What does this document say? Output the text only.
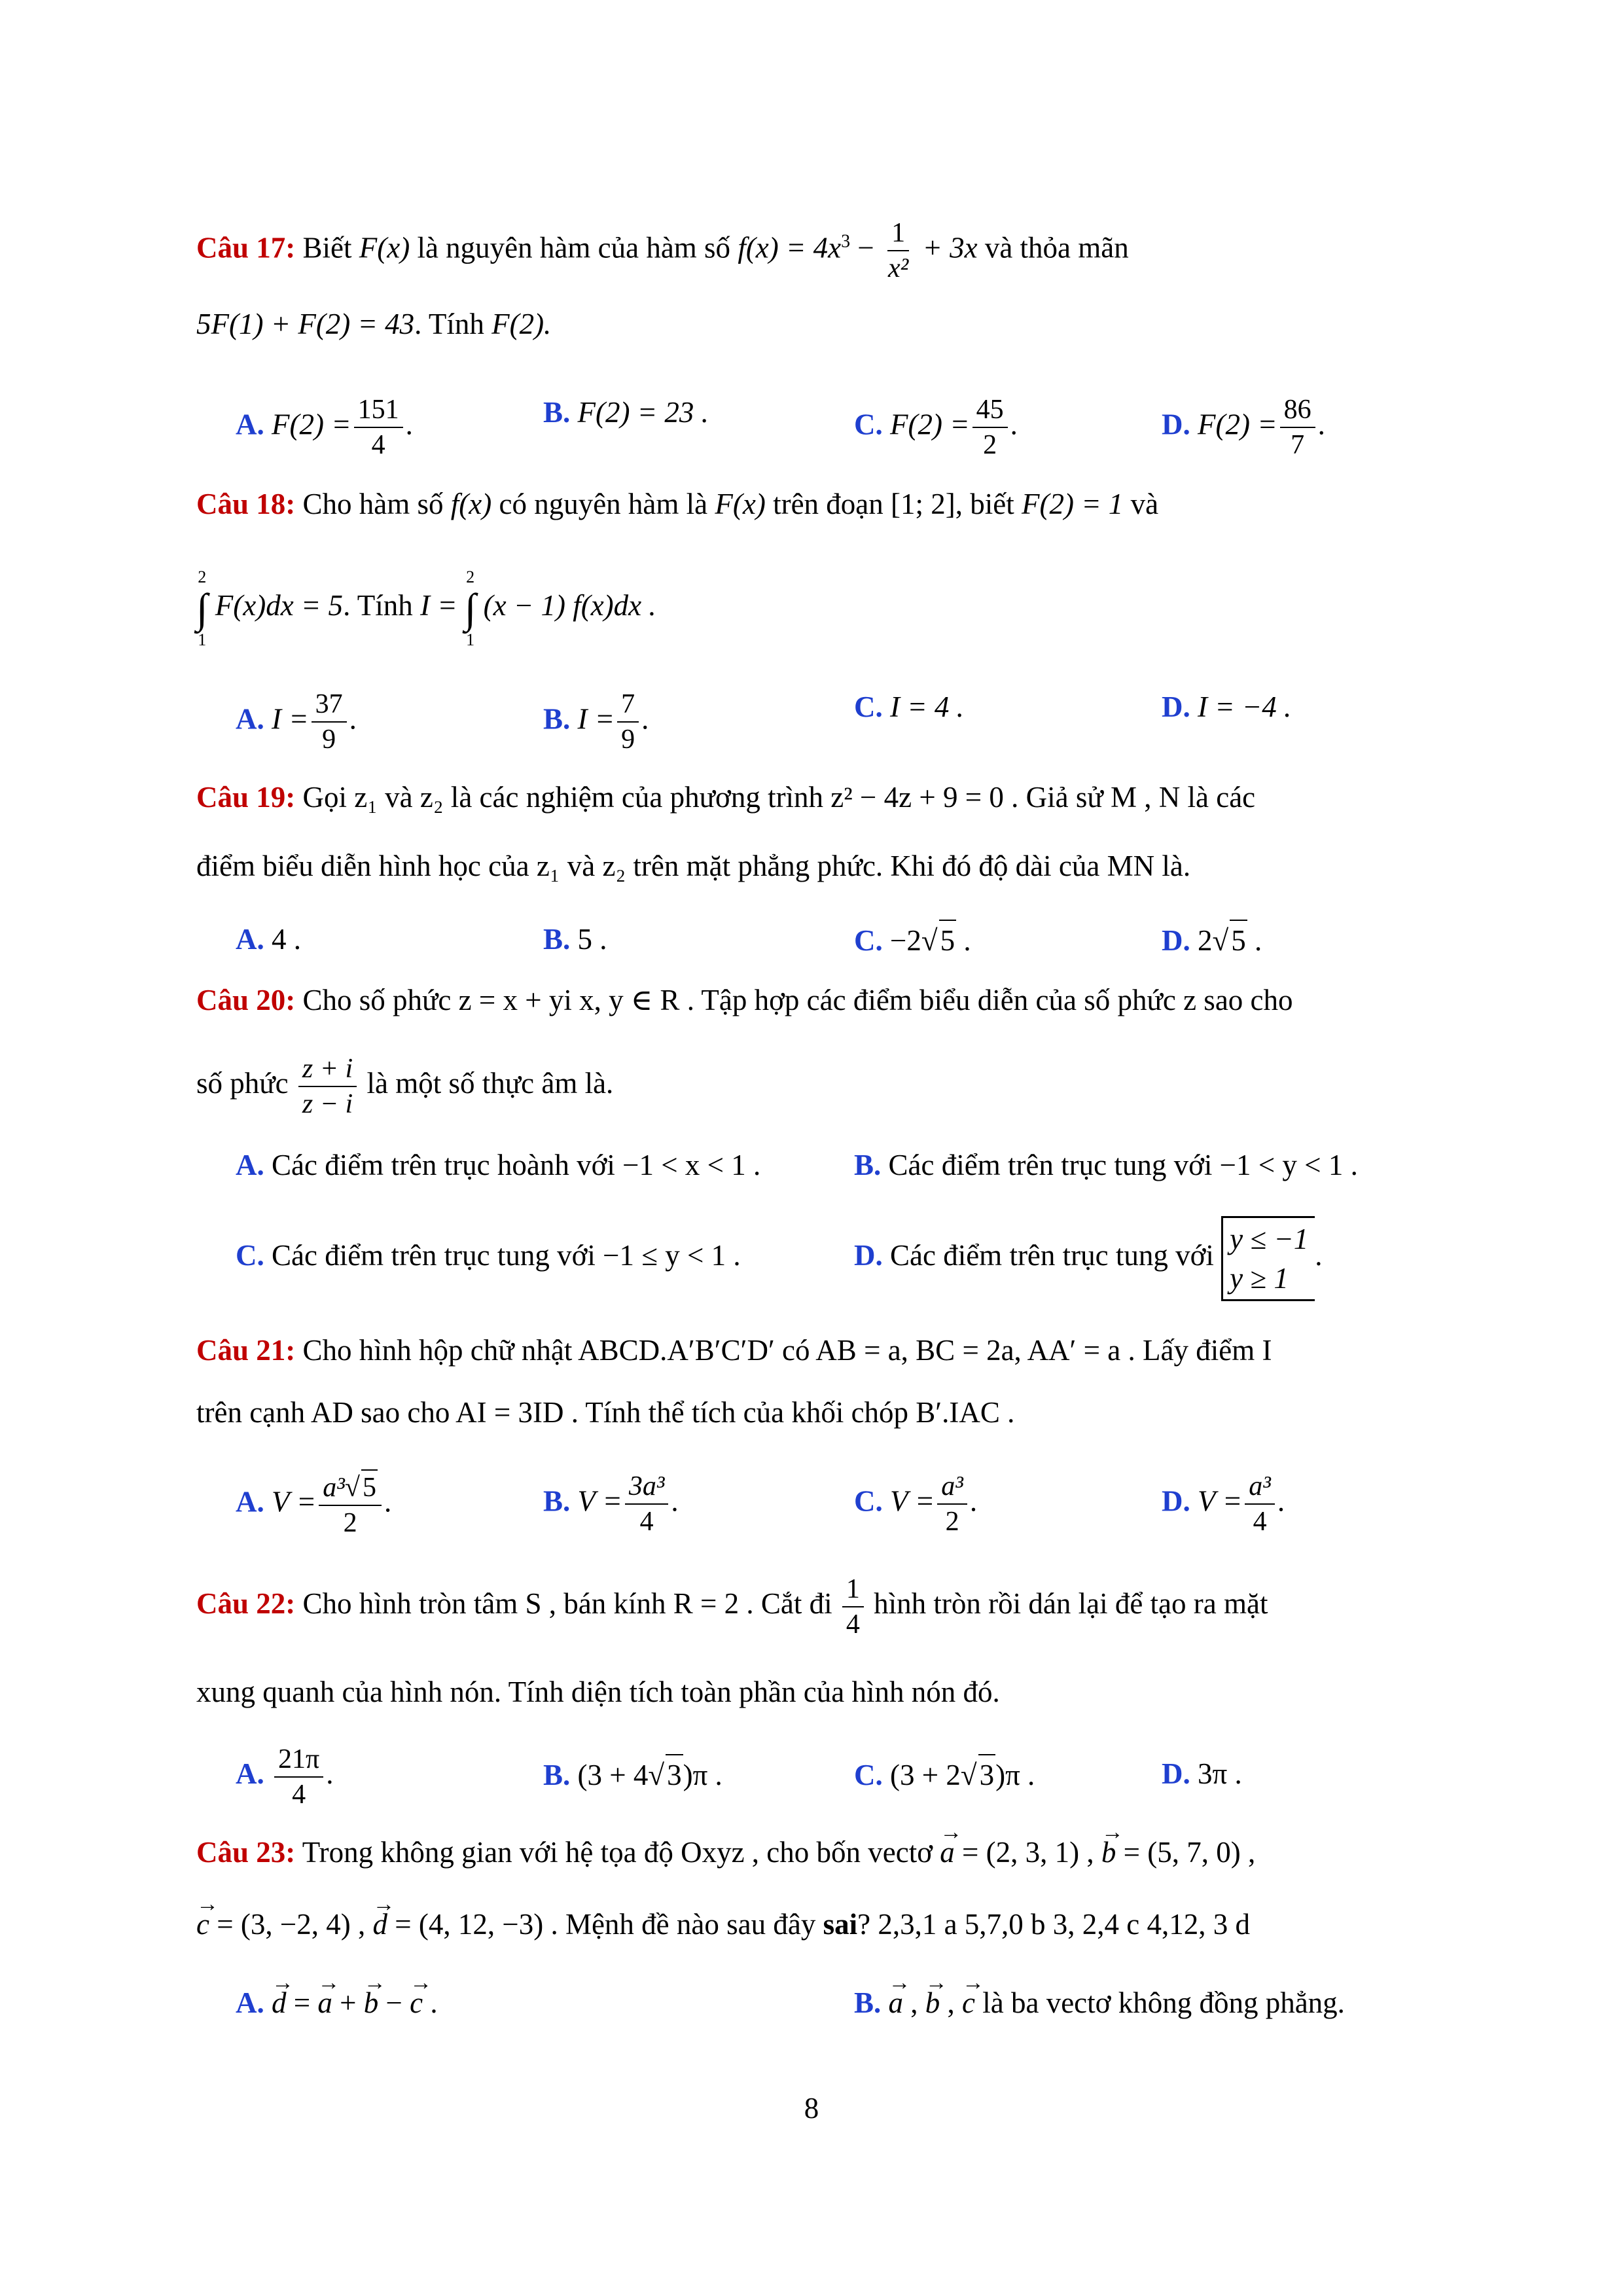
Câu 17: Biết F(x) là nguyên hàm của hàm số $f(x) = 4x^3 - \frac{1}{\text{x²}} + 3x$ và thỏa mãn
5F(1) + F(2) = 43. Tính F(2).
A. $F(2) = \frac{151}{4}$ .	B. F(2) = 23 .	C. $F(2) = \frac{45}{2}$ .	D. $F(2) = \frac{86}{7}$ .
Câu 18: Cho hàm số f(x) có nguyên hàm là F(x) trên đoạn [1; 2], biết F(2) = 1 và
2
∫
1
F(x)dx = 5. Tính I =
2
∫
1
(x − 1) f(x)dx .
A. $I = \frac{37}{9}$ .	B. $I = \frac{7}{9}$ .	C. I = 4 .	D. I = −4 .
Câu 19: Gọi z₁ và z₂ là các nghiệm của phương trình z² − 4z + 9 = 0 . Giả sử M , N là các
điểm biểu diễn hình học của z₁ và z₂ trên mặt phẳng phức. Khi đó độ dài của MN là.
A. 4 .	B. 5 .	C. −2√5 .	D. 2√5 .
Câu 20: Cho số phức z = x + yi x, y ∈ R . Tập hợp các điểm biểu diễn của số phức z sao cho
số phức $\frac{z + i}{z - i}$ là một số thực âm là.
A. Các điểm trên trục hoành với −1 < x < 1 .	B. Các điểm trên trục tung với −1 < y < 1 .
C. Các điểm trên trục tung với −1 ≤ y < 1 .	D. Các điểm trên trục tung với
y ≤ −1
y ≥ 1
.
Câu 21: Cho hình hộp chữ nhật ABCD.A′B′C′D′ có AB = a, BC = 2a, AA′ = a . Lấy điểm I
trên cạnh AD sao cho AI = 3ID . Tính thể tích của khối chóp B′.IAC .
A. $V = \frac{\text{a³√5}}{2}$ .	B. $V = \frac{\text{3a³}}{4}$ .	C. $V = \frac{\text{a³}}{2}$ .	D. $V = \frac{\text{a³}}{4}$ .
Câu 22: Cho hình tròn tâm S , bán kính R = 2 . Cắt đi $\frac{1}{4}$ hình tròn rồi dán lại để tạo ra mặt
xung quanh của hình nón. Tính diện tích toàn phần của hình nón đó.
A. $\frac{21\pi}{4}$ .	B. (3 + 4√3)π .	C. (3 + 2√3)π .	D. 3π .
Câu 23: Trong không gian với hệ tọa độ Oxyz , cho bốn vectơ → a = (2, 3, 1) , → b = (5, 7, 0) ,
→ c = (3, −2, 4) , → d = (4, 12, −3) . Mệnh đề nào sau đây sai? 2,3,1 a 5,7,0 b 3, 2,4 c 4,12, 3 d
A. → d = → a + → b − → c .	B. → a , → b , → c là ba vectơ không đồng phẳng.
8
